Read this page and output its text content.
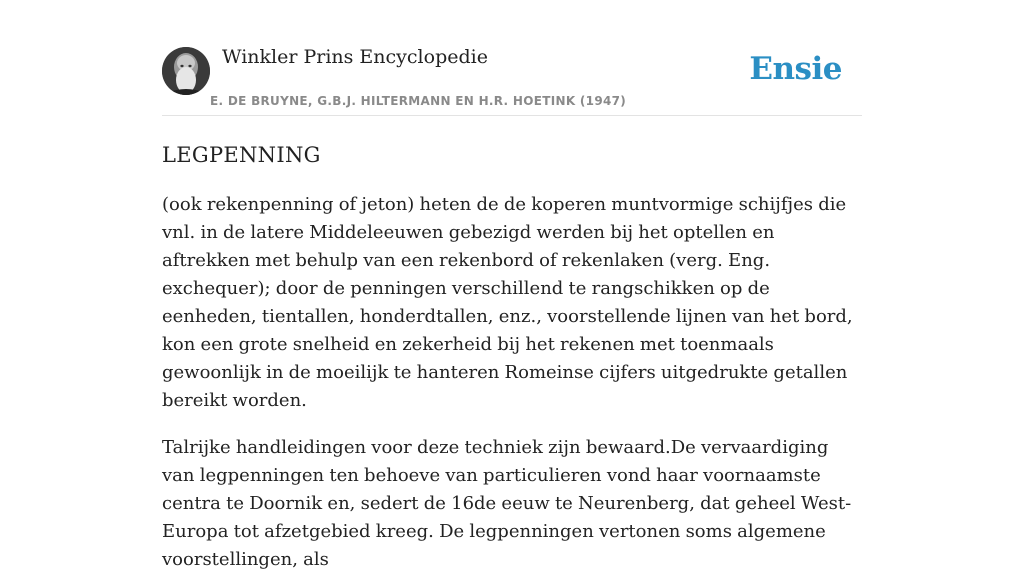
Winkler Prins Encyclopedie
E. DE BRUYNE, G.B.J. HILTERMANN EN H.R. HOETINK (1947)
Ensie
LEGPENNING

(ook rekenpenning of jeton) heten de de koperen muntvormige schijfjes die vnl. in de latere Middeleeuwen gebezigd werden bij het optellen en aftrekken met behulp van een rekenbord of rekenlaken (verg. Eng. exchequer); door de penningen verschillend te rangschikken op de eenheden, tientallen, honderdtallen, enz., voorstellende lijnen van het bord, kon een grote snelheid en zekerheid bij het rekenen met toenmaals gewoonlijk in de moeilijk te hanteren Romeinse cijfers uitgedrukte getallen bereikt worden.

Talrijke handleidingen voor deze techniek zijn bewaard.De vervaardiging van legpenningen ten behoeve van particulieren vond haar voornaamste centra te Doornik en, sedert de 16de eeuw te Neurenberg, dat geheel West-Europa tot afzetgebied kreeg. De legpenningen vertonen soms algemene voorstellingen, als
